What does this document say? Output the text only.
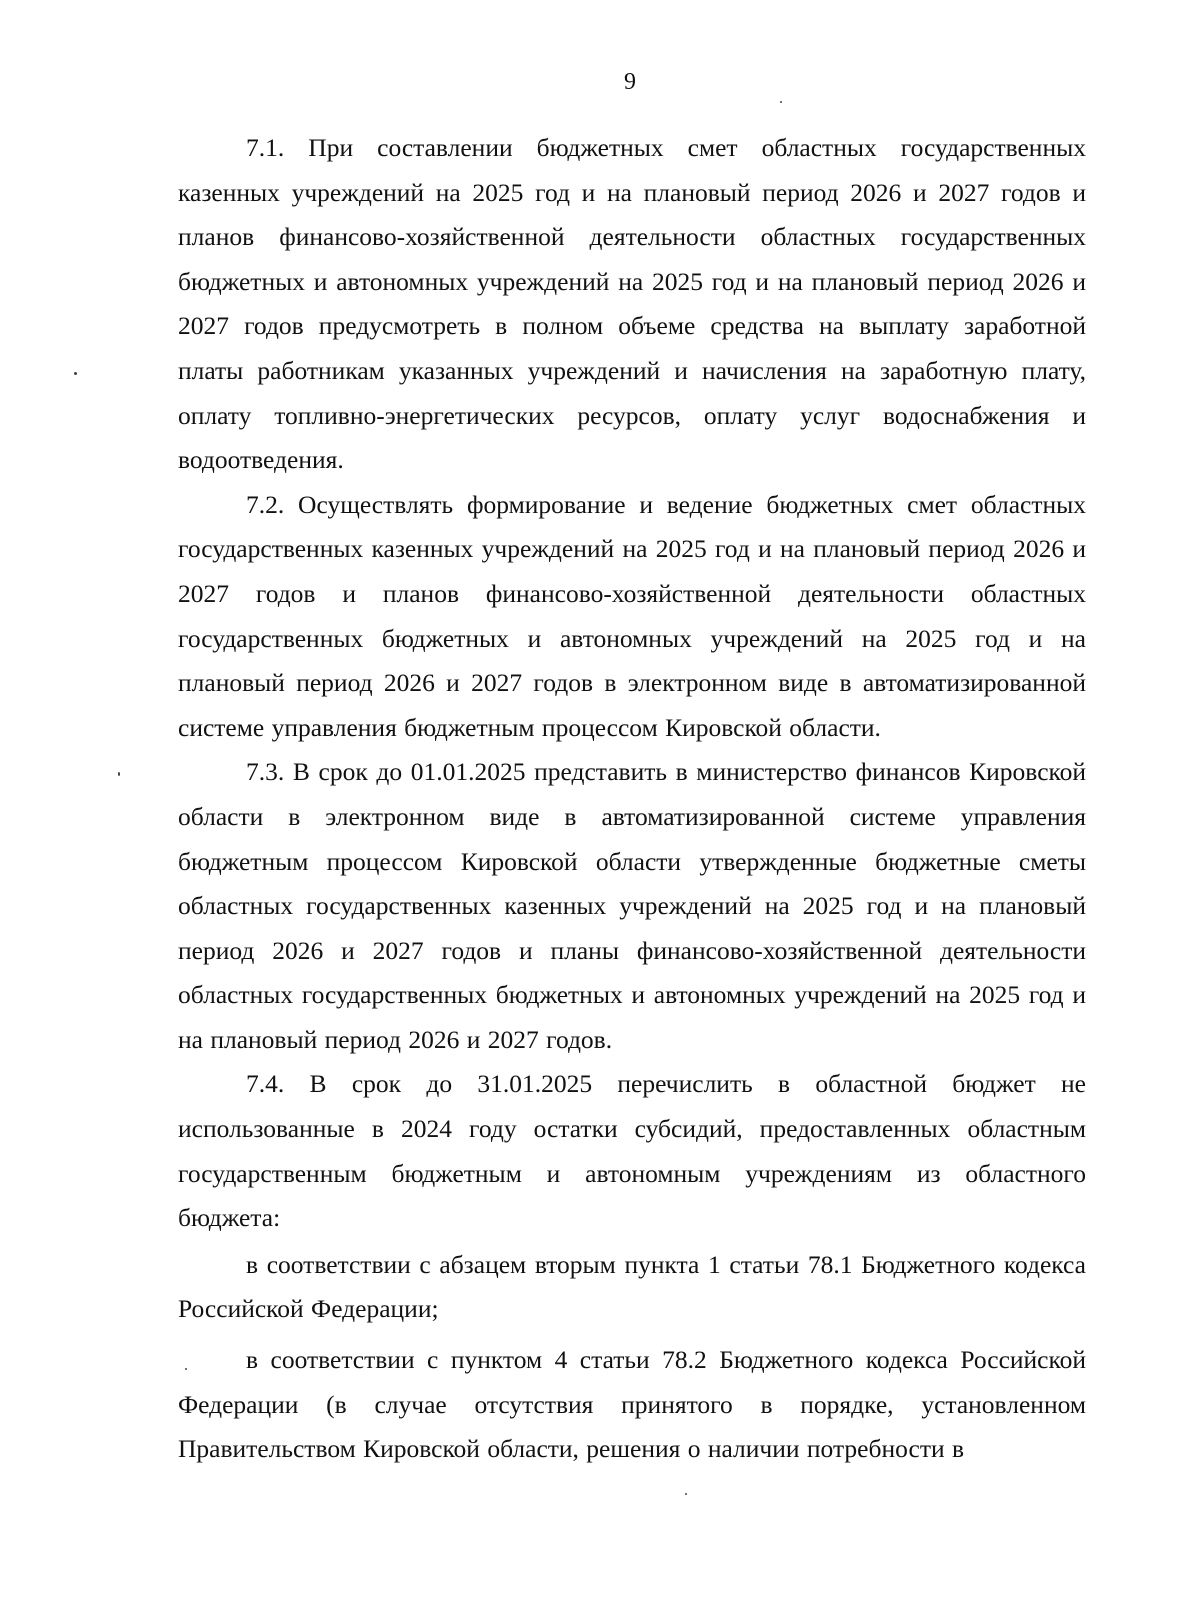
9

7.1. При составлении бюджетных смет областных государственных казенных учреждений на 2025 год и на плановый период 2026 и 2027 годов и планов финансово-хозяйственной деятельности областных государственных бюджетных и автономных учреждений на 2025 год и на плановый период 2026 и 2027 годов предусмотреть в полном объеме средства на выплату заработной платы работникам указанных учреждений и начисления на заработную плату, оплату топливно-энергетических ресурсов, оплату услуг водоснабжения и водоотведения.

7.2. Осуществлять формирование и ведение бюджетных смет областных государственных казенных учреждений на 2025 год и на плановый период 2026 и 2027 годов и планов финансово-хозяйственной деятельности областных государственных бюджетных и автономных учреждений на 2025 год и на плановый период 2026 и 2027 годов в электронном виде в автоматизированной системе управления бюджетным процессом Кировской области.

7.3. В срок до 01.01.2025 представить в министерство финансов Кировской области в электронном виде в автоматизированной системе управления бюджетным процессом Кировской области утвержденные бюджетные сметы областных государственных казенных учреждений на 2025 год и на плановый период 2026 и 2027 годов и планы финансово-хозяйственной деятельности областных государственных бюджетных и автономных учреждений на 2025 год и на плановый период 2026 и 2027 годов.

7.4. В срок до 31.01.2025 перечислить в областной бюджет не использованные в 2024 году остатки субсидий, предоставленных областным государственным бюджетным и автономным учреждениям из областного бюджета:

в соответствии с абзацем вторым пункта 1 статьи 78.1 Бюджетного кодекса Российской Федерации;

в соответствии с пунктом 4 статьи 78.2 Бюджетного кодекса Российской Федерации (в случае отсутствия принятого в порядке, установленном Правительством Кировской области, решения о наличии потребности в
